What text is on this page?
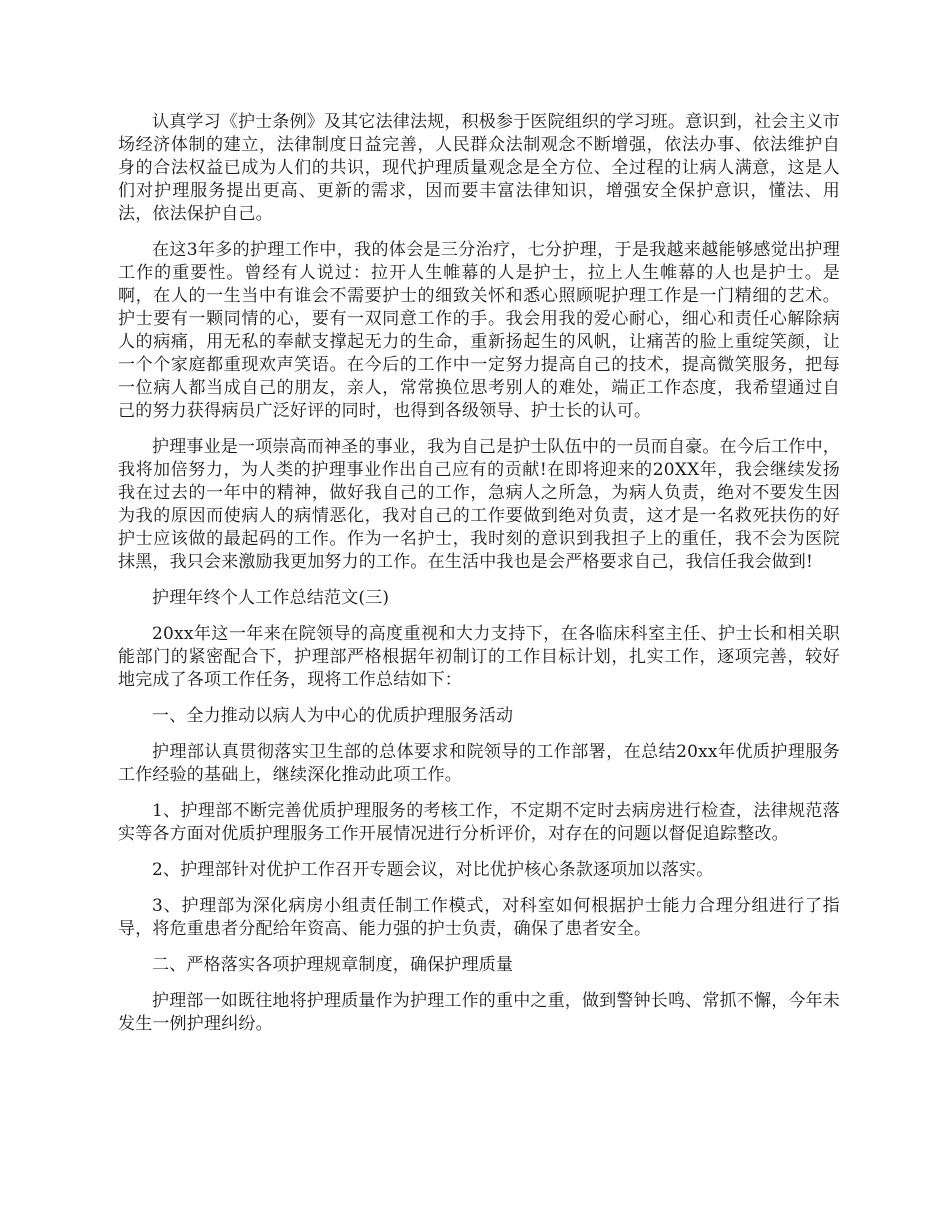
认真学习《护士条例》及其它法律法规，积极参于医院组织的学习班。意识到，社会主义市场经济体制的建立，法律制度日益完善，人民群众法制观念不断增强，依法办事、依法维护自身的合法权益已成为人们的共识，现代护理质量观念是全方位、全过程的让病人满意，这是人们对护理服务提出更高、更新的需求，因而要丰富法律知识，增强安全保护意识，懂法、用法，依法保护自己。

在这3年多的护理工作中，我的体会是三分治疗，七分护理，于是我越来越能够感觉出护理工作的重要性。曾经有人说过：拉开人生帷幕的人是护士，拉上人生帷幕的人也是护士。是啊，在人的一生当中有谁会不需要护士的细致关怀和悉心照顾呢护理工作是一门精细的艺术。护士要有一颗同情的心，要有一双同意工作的手。我会用我的爱心耐心，细心和责任心解除病人的病痛，用无私的奉献支撑起无力的生命，重新扬起生的风帆，让痛苦的脸上重绽笑颜，让一个个家庭都重现欢声笑语。在今后的工作中一定努力提高自己的技术，提高微笑服务，把每一位病人都当成自己的朋友，亲人，常常换位思考别人的难处，端正工作态度，我希望通过自己的努力获得病员广泛好评的同时，也得到各级领导、护士长的认可。

护理事业是一项崇高而神圣的事业，我为自己是护士队伍中的一员而自豪。在今后工作中，我将加倍努力，为人类的护理事业作出自己应有的贡献!在即将迎来的20XX年，我会继续发扬我在过去的一年中的精神，做好我自己的工作，急病人之所急，为病人负责，绝对不要发生因为我的原因而使病人的病情恶化，我对自己的工作要做到绝对负责，这才是一名救死扶伤的好护士应该做的最起码的工作。作为一名护士，我时刻的意识到我担子上的重任，我不会为医院抹黑，我只会来激励我更加努力的工作。在生活中我也是会严格要求自己，我信任我会做到!

护理年终个人工作总结范文(三)

20xx年这一年来在院领导的高度重视和大力支持下，在各临床科室主任、护士长和相关职能部门的紧密配合下，护理部严格根据年初制订的工作目标计划，扎实工作，逐项完善，较好地完成了各项工作任务，现将工作总结如下：

一、全力推动以病人为中心的优质护理服务活动

护理部认真贯彻落实卫生部的总体要求和院领导的工作部署，在总结20xx年优质护理服务工作经验的基础上，继续深化推动此项工作。

1、护理部不断完善优质护理服务的考核工作，不定期不定时去病房进行检查，法律规范落实等各方面对优质护理服务工作开展情况进行分析评价，对存在的问题以督促追踪整改。

2、护理部针对优护工作召开专题会议，对比优护核心条款逐项加以落实。

3、护理部为深化病房小组责任制工作模式，对科室如何根据护士能力合理分组进行了指导，将危重患者分配给年资高、能力强的护士负责，确保了患者安全。

二、严格落实各项护理规章制度，确保护理质量

护理部一如既往地将护理质量作为护理工作的重中之重，做到警钟长鸣、常抓不懈，今年未发生一例护理纠纷。
